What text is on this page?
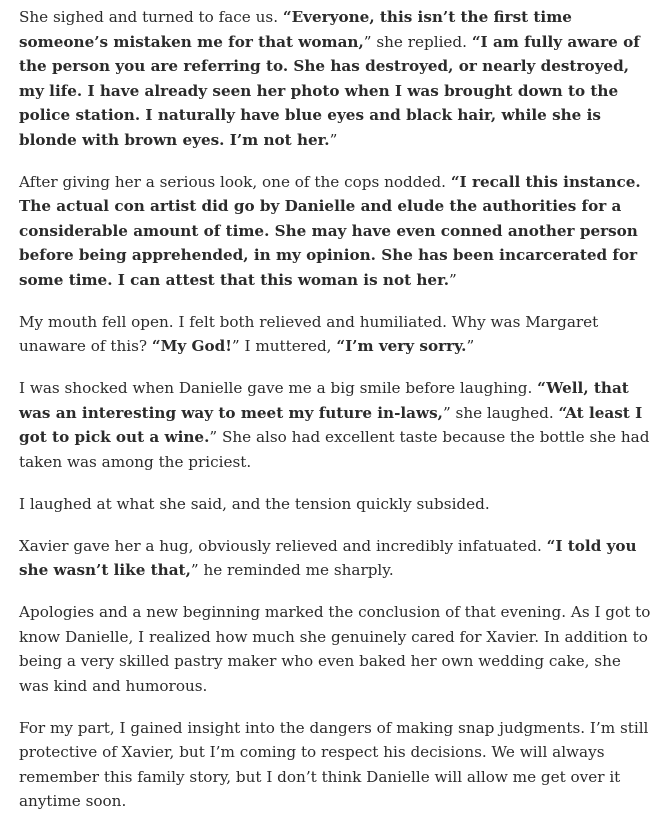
She sighed and turned to face us. “Everyone, this isn’t the first time someone’s mistaken me for that woman,” she replied. “I am fully aware of the person you are referring to. She has destroyed, or nearly destroyed, my life. I have already seen her photo when I was brought down to the police station. I naturally have blue eyes and black hair, while she is blonde with brown eyes. I’m not her.”

After giving her a serious look, one of the cops nodded. “I recall this instance. The actual con artist did go by Danielle and elude the authorities for a considerable amount of time. She may have even conned another person before being apprehended, in my opinion. She has been incarcerated for some time. I can attest that this woman is not her.”

My mouth fell open. I felt both relieved and humiliated. Why was Margaret unaware of this? “My God!” I muttered, “I’m very sorry.”

I was shocked when Danielle gave me a big smile before laughing. “Well, that was an interesting way to meet my future in-laws,” she laughed. “At least I got to pick out a wine.” She also had excellent taste because the bottle she had taken was among the priciest.

I laughed at what she said, and the tension quickly subsided.

Xavier gave her a hug, obviously relieved and incredibly infatuated. “I told you she wasn’t like that,” he reminded me sharply.

Apologies and a new beginning marked the conclusion of that evening. As I got to know Danielle, I realized how much she genuinely cared for Xavier. In addition to being a very skilled pastry maker who even baked her own wedding cake, she was kind and humorous.

For my part, I gained insight into the dangers of making snap judgments. I’m still protective of Xavier, but I’m coming to respect his decisions. We will always remember this family story, but I don’t think Danielle will allow me get over it anytime soon.
